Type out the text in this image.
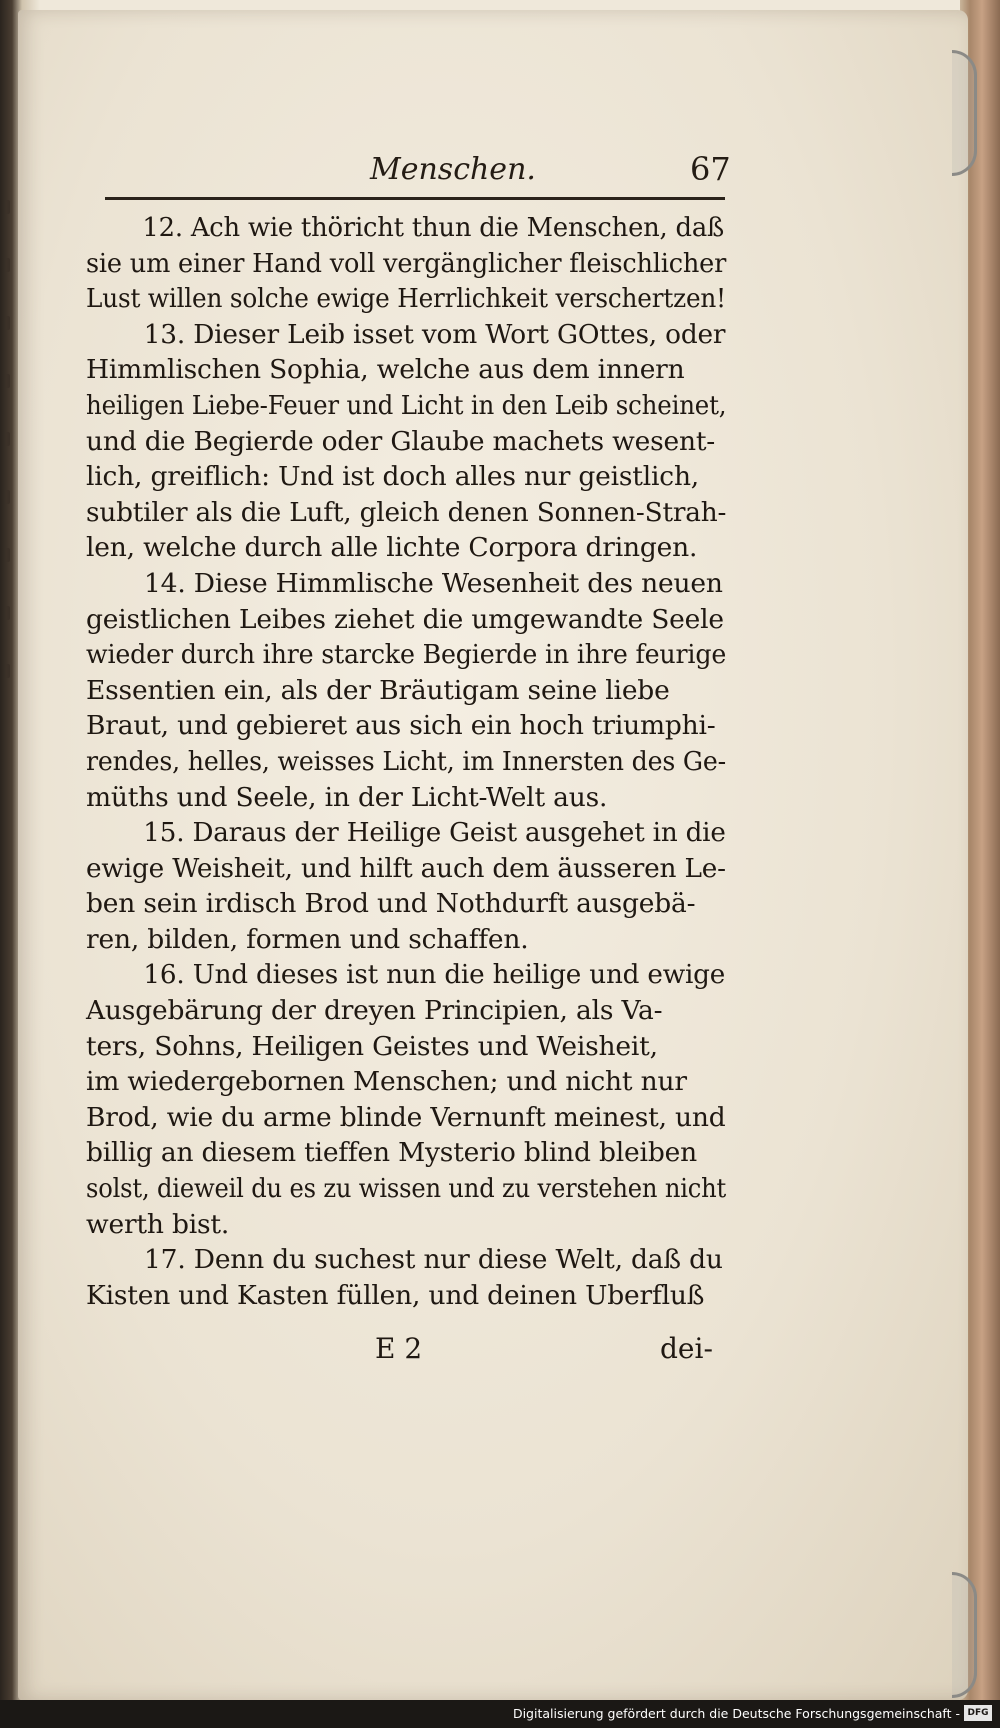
Menschen.	67
12. Ach wie thöricht thun die Menschen, daß
sie um einer Hand voll vergänglicher fleischlicher
Lust willen solche ewige Herrlichkeit verschertzen!
13. Dieser Leib isset vom Wort GOttes, oder
Himmlischen Sophia, welche aus dem innern
heiligen Liebe-Feuer und Licht in den Leib scheinet,
und die Begierde oder Glaube machets wesent-
lich, greiflich: Und ist doch alles nur geistlich,
subtiler als die Luft, gleich denen Sonnen-Strah-
len, welche durch alle lichte Corpora dringen.
14. Diese Himmlische Wesenheit des neuen
geistlichen Leibes ziehet die umgewandte Seele
wieder durch ihre starcke Begierde in ihre feurige
Essentien ein, als der Bräutigam seine liebe
Braut, und gebieret aus sich ein hoch triumphi-
rendes, helles, weisses Licht, im Innersten des Ge-
müths und Seele, in der Licht-Welt aus.
15. Daraus der Heilige Geist ausgehet in die
ewige Weisheit, und hilft auch dem äusseren Le-
ben sein irdisch Brod und Nothdurft ausgebä-
ren, bilden, formen und schaffen.
16. Und dieses ist nun die heilige und ewige
Ausgebärung der dreyen Principien, als Va-
ters, Sohns, Heiligen Geistes und Weisheit,
im wiedergebornen Menschen; und nicht nur
Brod, wie du arme blinde Vernunft meinest, und
billig an diesem tieffen Mysterio blind bleiben
solst, dieweil du es zu wissen und zu verstehen nicht
werth bist.
17. Denn du suchest nur diese Welt, daß du
Kisten und Kasten füllen, und deinen Uberfluß
E 2	dei-
Digitalisierung gefördert durch die Deutsche Forschungsgemeinschaft - DFG
